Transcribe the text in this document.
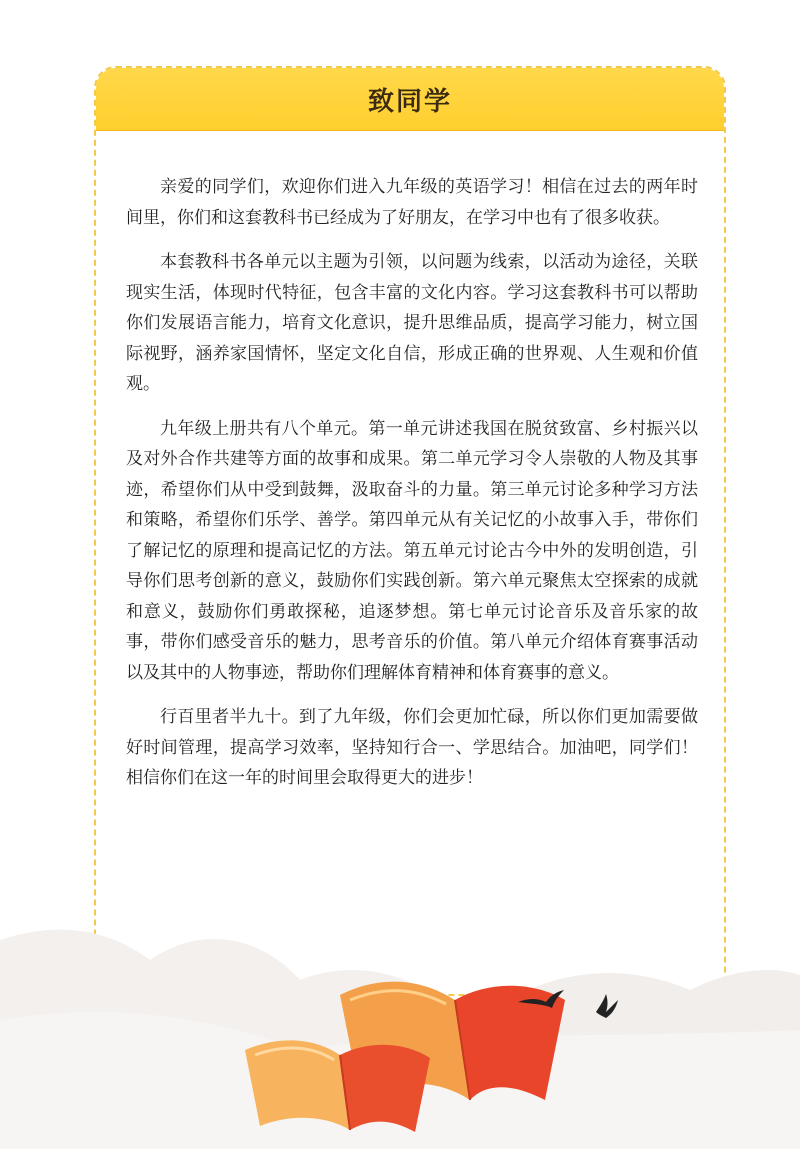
致同学

亲爱的同学们，欢迎你们进入九年级的英语学习！相信在过去的两年时间里，你们和这套教科书已经成为了好朋友，在学习中也有了很多收获。

本套教科书各单元以主题为引领，以问题为线索，以活动为途径，关联现实生活，体现时代特征，包含丰富的文化内容。学习这套教科书可以帮助你们发展语言能力，培育文化意识，提升思维品质，提高学习能力，树立国际视野，涵养家国情怀，坚定文化自信，形成正确的世界观、人生观和价值观。

九年级上册共有八个单元。第一单元讲述我国在脱贫致富、乡村振兴以及对外合作共建等方面的故事和成果。第二单元学习令人崇敬的人物及其事迹，希望你们从中受到鼓舞，汲取奋斗的力量。第三单元讨论多种学习方法和策略，希望你们乐学、善学。第四单元从有关记忆的小故事入手，带你们了解记忆的原理和提高记忆的方法。第五单元讨论古今中外的发明创造，引导你们思考创新的意义，鼓励你们实践创新。第六单元聚焦太空探索的成就和意义，鼓励你们勇敢探秘，追逐梦想。第七单元讨论音乐及音乐家的故事，带你们感受音乐的魅力，思考音乐的价值。第八单元介绍体育赛事活动以及其中的人物事迹，帮助你们理解体育精神和体育赛事的意义。

行百里者半九十。到了九年级，你们会更加忙碌，所以你们更加需要做好时间管理，提高学习效率，坚持知行合一、学思结合。加油吧，同学们！相信你们在这一年的时间里会取得更大的进步！
